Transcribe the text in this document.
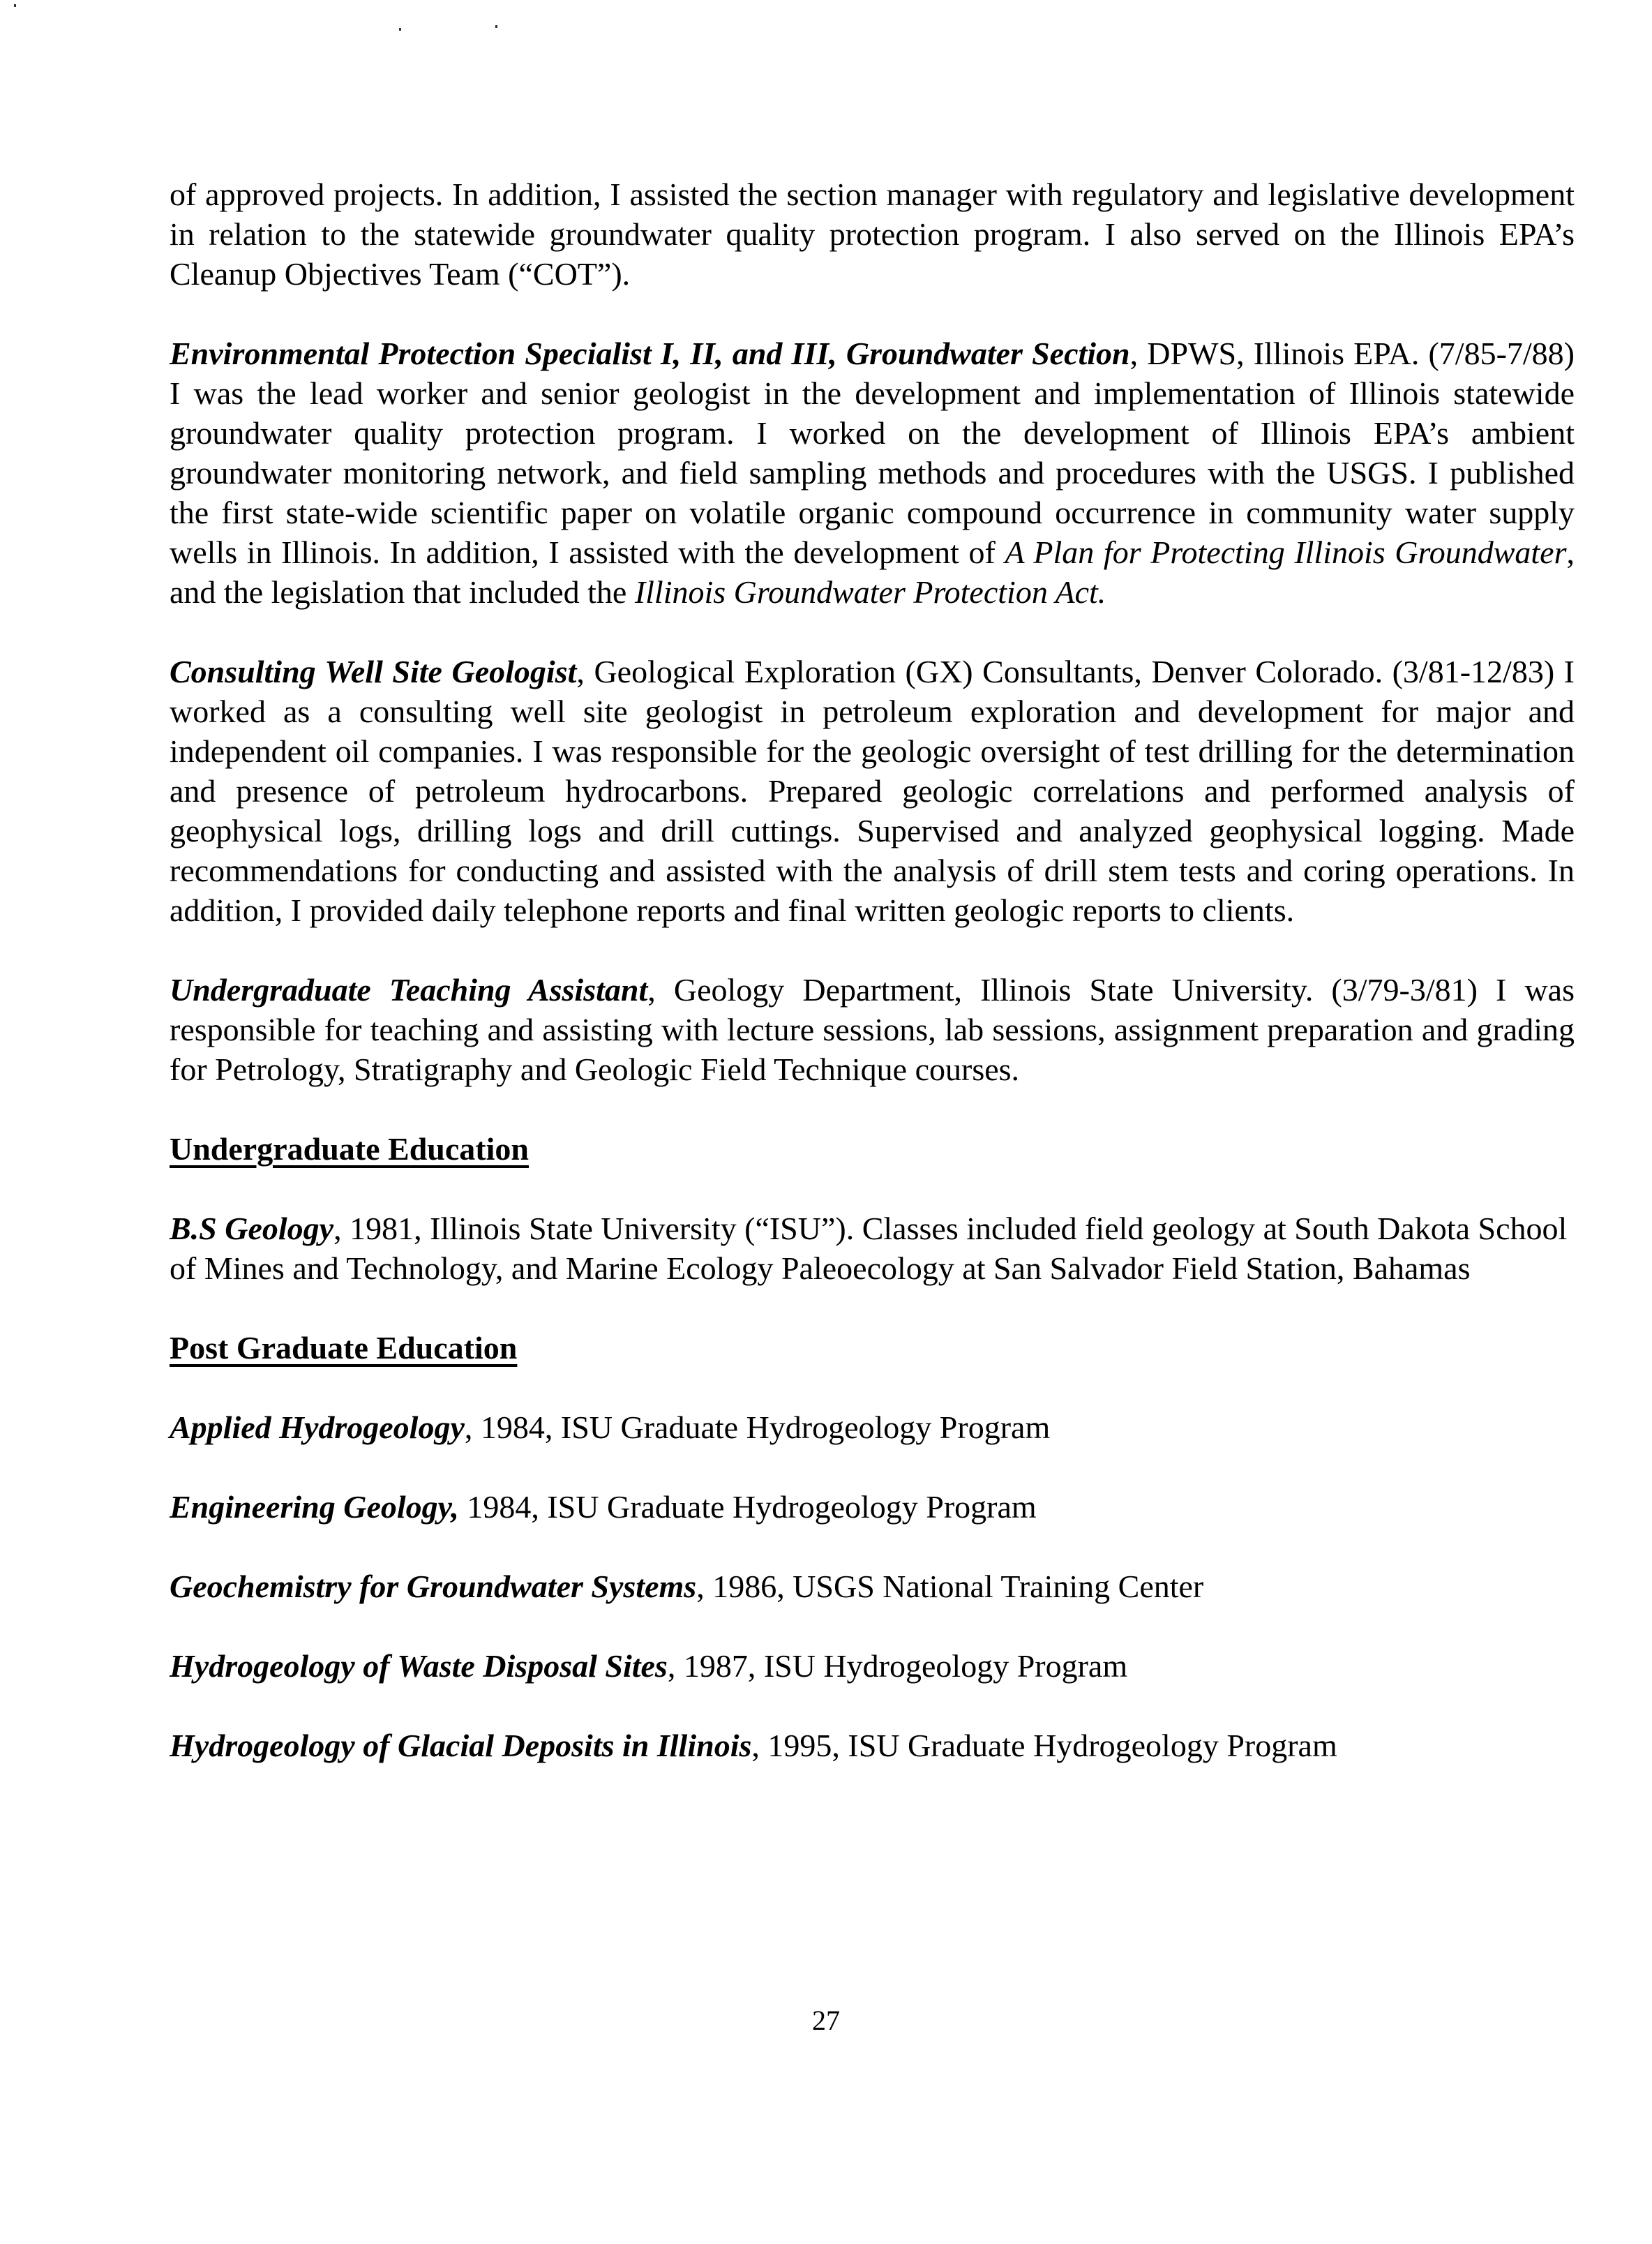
of approved projects. In addition, I assisted the section manager with regulatory and legislative development in relation to the statewide groundwater quality protection program. I also served on the Illinois EPA’s Cleanup Objectives Team (“COT”).

Environmental Protection Specialist I, II, and III, Groundwater Section, DPWS, Illinois EPA. (7/85-7/88) I was the lead worker and senior geologist in the development and implementation of Illinois statewide groundwater quality protection program. I worked on the development of Illinois EPA’s ambient groundwater monitoring network, and field sampling methods and procedures with the USGS. I published the first state-wide scientific paper on volatile organic compound occurrence in community water supply wells in Illinois. In addition, I assisted with the development of A Plan for Protecting Illinois Groundwater, and the legislation that included the Illinois Groundwater Protection Act.

Consulting Well Site Geologist, Geological Exploration (GX) Consultants, Denver Colorado. (3/81-12/83) I worked as a consulting well site geologist in petroleum exploration and development for major and independent oil companies. I was responsible for the geologic oversight of test drilling for the determination and presence of petroleum hydrocarbons. Prepared geologic correlations and performed analysis of geophysical logs, drilling logs and drill cuttings. Supervised and analyzed geophysical logging. Made recommendations for conducting and assisted with the analysis of drill stem tests and coring operations. In addition, I provided daily telephone reports and final written geologic reports to clients.

Undergraduate Teaching Assistant, Geology Department, Illinois State University. (3/79-3/81) I was responsible for teaching and assisting with lecture sessions, lab sessions, assignment preparation and grading for Petrology, Stratigraphy and Geologic Field Technique courses.

Undergraduate Education

B.S Geology, 1981, Illinois State University (“ISU”). Classes included field geology at South Dakota School of Mines and Technology, and Marine Ecology Paleoecology at San Salvador Field Station, Bahamas

Post Graduate Education

Applied Hydrogeology, 1984, ISU Graduate Hydrogeology Program

Engineering Geology, 1984, ISU Graduate Hydrogeology Program

Geochemistry for Groundwater Systems, 1986, USGS National Training Center

Hydrogeology of Waste Disposal Sites, 1987, ISU Hydrogeology Program

Hydrogeology of Glacial Deposits in Illinois, 1995, ISU Graduate Hydrogeology Program

27
